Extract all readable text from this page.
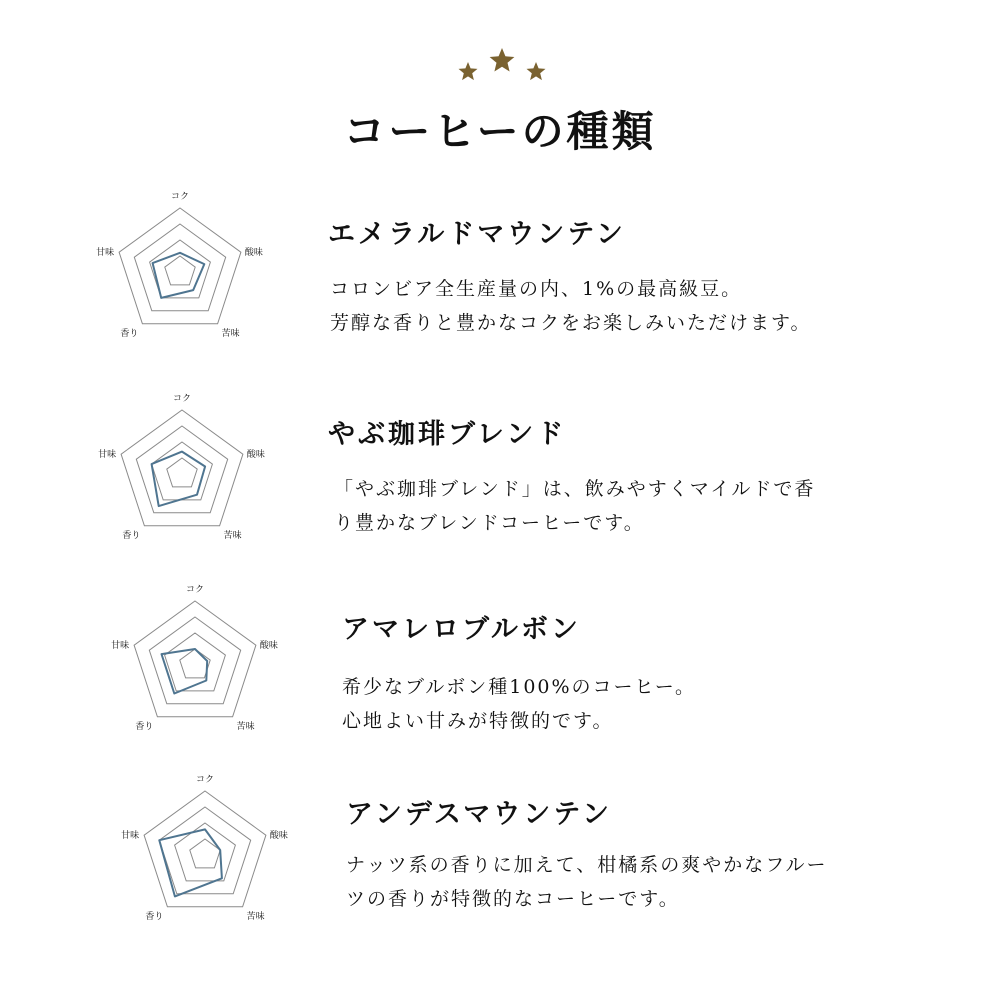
コーヒーの種類
コク
酸味
苦味
香り
甘味
エメラルドマウンテン

コロンビア全生産量の内、1%の最高級豆。
芳醇な香りと豊かなコクをお楽しみいただけます。

コク
酸味
苦味
香り
甘味
やぶ珈琲ブレンド

「やぶ珈琲ブレンド」は、飲みやすくマイルドで香
り豊かなブレンドコーヒーです。

コク
酸味
苦味
香り
甘味
アマレロブルボン

希少なブルボン種100%のコーヒー。
心地よい甘みが特徴的です。

コク
酸味
苦味
香り
甘味
アンデスマウンテン

ナッツ系の香りに加えて、柑橘系の爽やかなフルー
ツの香りが特徴的なコーヒーです。
